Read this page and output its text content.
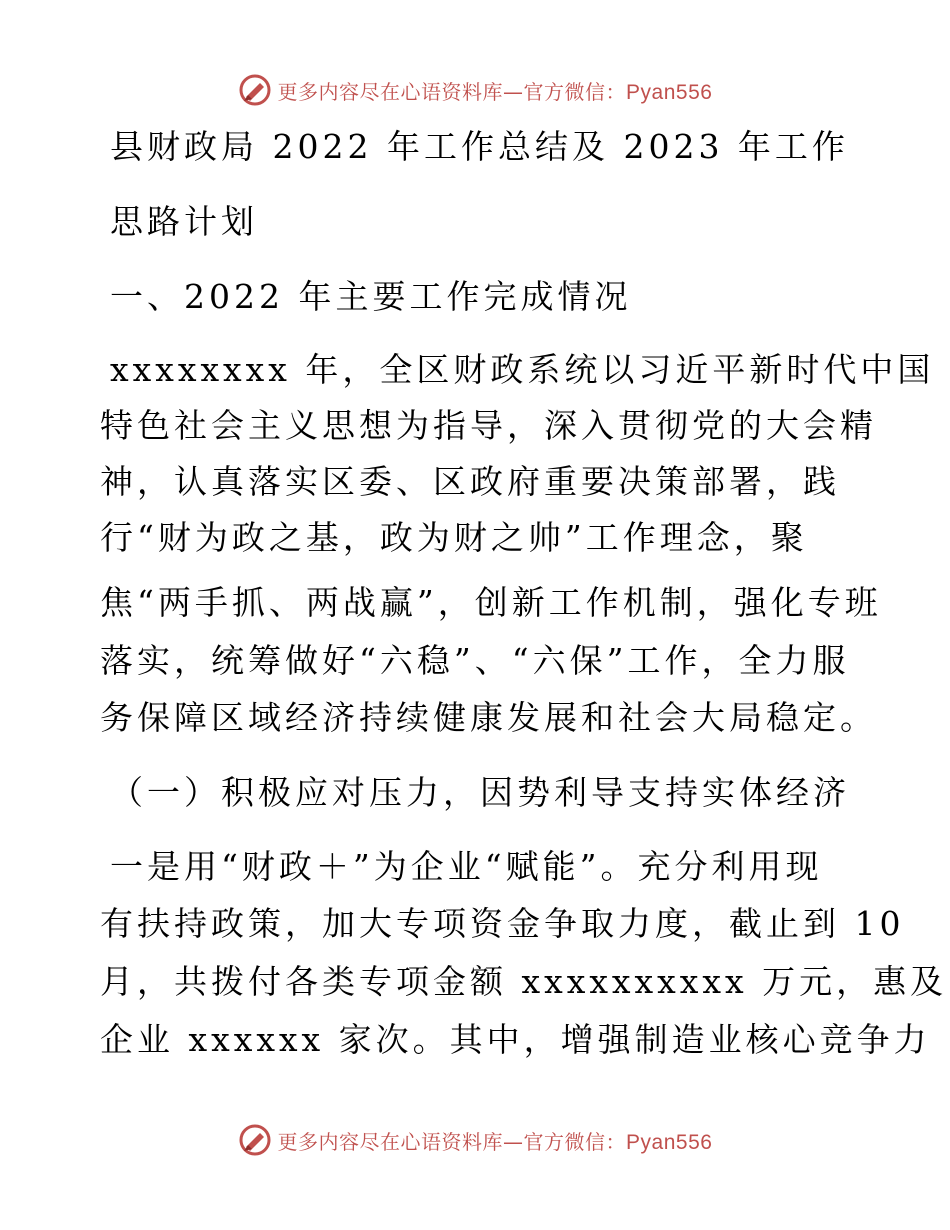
更多内容尽在心语资料库—官方微信：Pyan556
县财政局 2022 年工作总结及 2023 年工作
思路计划
一、2022 年主要工作完成情况
xxxxxxxx 年，全区财政系统以习近平新时代中国
特色社会主义思想为指导，深入贯彻党的大会精
神，认真落实区委、区政府重要决策部署，践
行“财为政之基，政为财之帅”工作理念，聚
焦“两手抓、两战赢”，创新工作机制，强化专班
落实，统筹做好“六稳”、“六保”工作，全力服
务保障区域经济持续健康发展和社会大局稳定。
（一）积极应对压力，因势利导支持实体经济
一是用“财政＋”为企业“赋能”。充分利用现
有扶持政策，加大专项资金争取力度，截止到 10
月，共拨付各类专项金额 xxxxxxxxxx 万元，惠及
企业 xxxxxx 家次。其中，增强制造业核心竞争力
更多内容尽在心语资料库—官方微信：Pyan556
